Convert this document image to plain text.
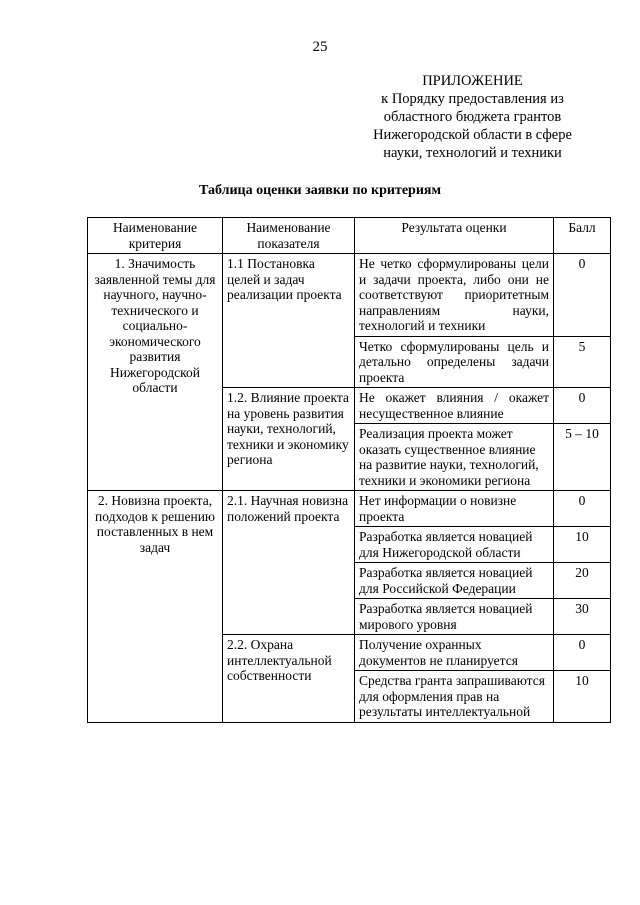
25
ПРИЛОЖЕНИЕ
к Порядку предоставления из
областного бюджета грантов
Нижегородской области в сфере
науки, технологий и техники
Таблица оценки заявки по критериям
Наименование критерия	Наименование показателя	Результата оценки	Балл
1. Значимость заявленной темы для научного, научно-технического и социально-экономического развития Нижегородской области	1.1 Постановка целей и задач реализации проекта	Не четко сформулированы цели и задачи проекта, либо они не соответствуют приоритетным направлениям науки, технологий и техники	0
		Четко сформулированы цель и детально определены задачи проекта	5
	1.2. Влияние проекта на уровень развития науки, технологий, техники и экономику региона	Не окажет влияния / окажет несущественное влияние	0
		Реализация проекта может оказать существенное влияние на развитие науки, технологий, техники и экономики региона	5 – 10
2. Новизна проекта, подходов к решению поставленных в нем задач	2.1. Научная новизна положений проекта	Нет информации о новизне проекта	0
		Разработка является новацией для Нижегородской области	10
		Разработка является новацией для Российской Федерации	20
		Разработка является новацией мирового уровня	30
	2.2. Охрана интеллектуальной собственности	Получение охранных документов не планируется	0
		Средства гранта запрашиваются для оформления прав на результаты интеллектуальной	10
